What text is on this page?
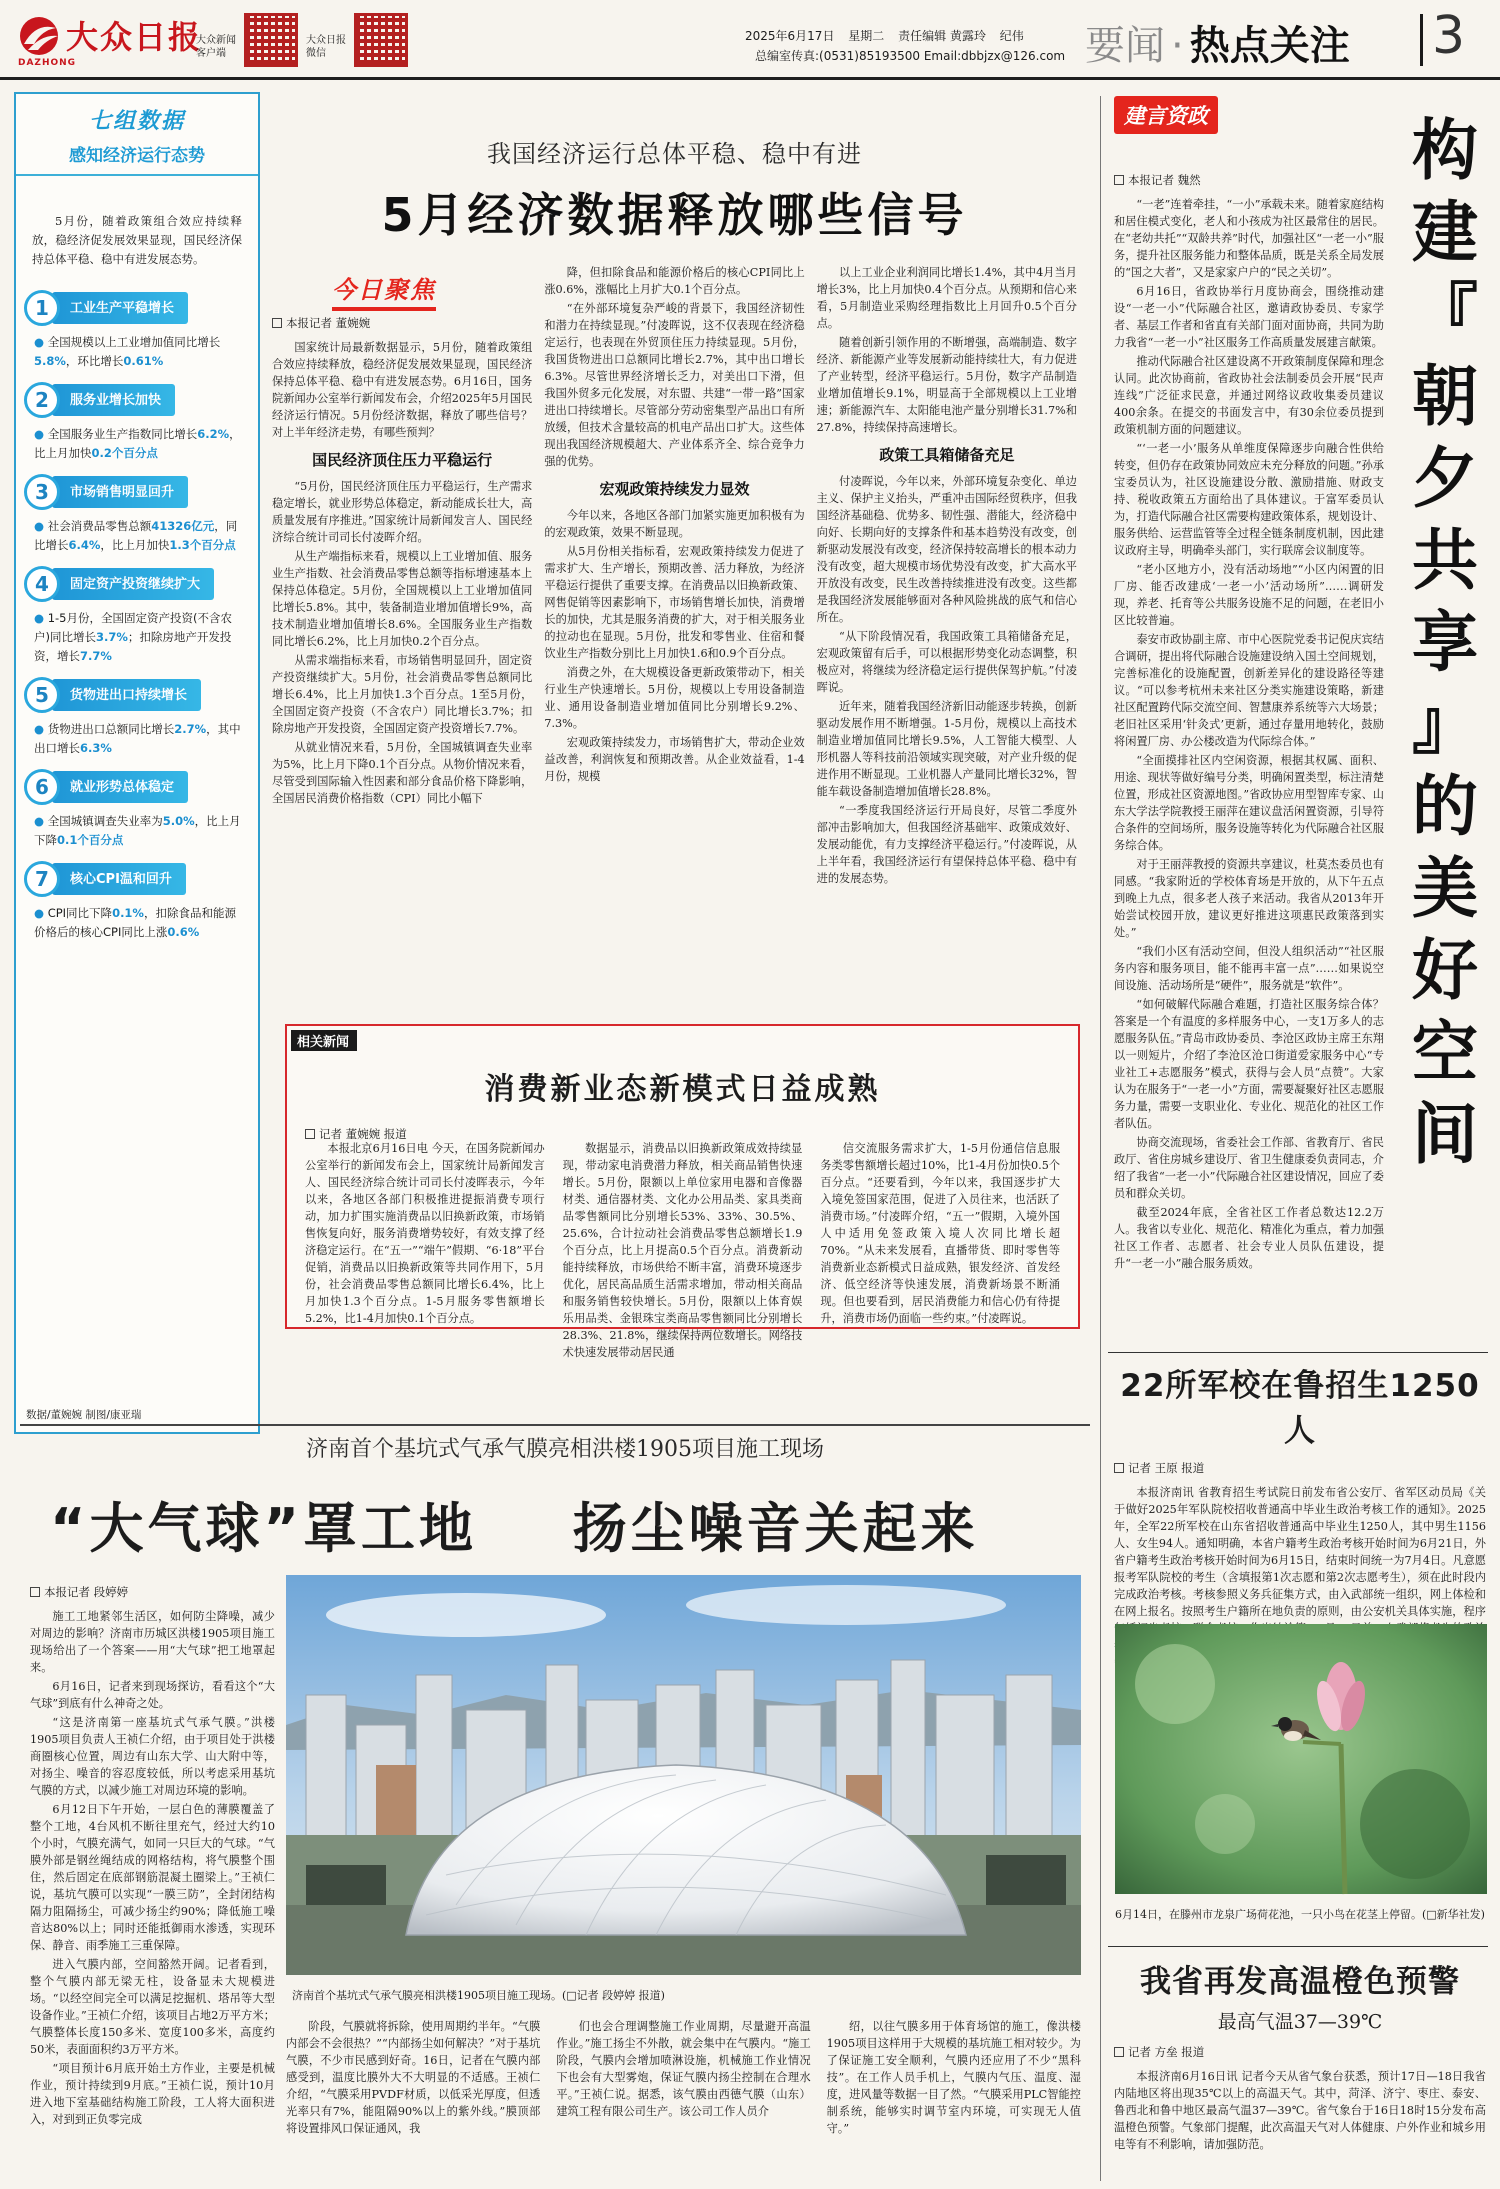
大众日报
DAZHONG
大众新闻客户端
大众日报微信
2025年6月17日 星期二 责任编辑 黄露玲 纪伟
总编室传真:(0531)85193500 Email:dbbjzx@126.com 要闻 · 热点关注 3
七组数据
感知经济运行态势
5月份，随着政策组合效应持续释放，稳经济促发展效果显现，国民经济保持总体平稳、稳中有进发展态势。
1	工业生产平稳增长
● 全国规模以上工业增加值同比增长5.8%，环比增长0.61%
2	服务业增长加快
● 全国服务业生产指数同比增长6.2%，比上月加快0.2个百分点
3	市场销售明显回升
● 社会消费品零售总额41326亿元，同比增长6.4%，比上月加快1.3个百分点
4	固定资产投资继续扩大
● 1-5月份，全国固定资产投资(不含农户)同比增长3.7%；扣除房地产开发投资，增长7.7%
5	货物进出口持续增长
● 货物进出口总额同比增长2.7%，其中出口增长6.3%
6	就业形势总体稳定
● 全国城镇调查失业率为5.0%，比上月下降0.1个百分点
7	核心CPI温和回升
● CPI同比下降0.1%，扣除食品和能源价格后的核心CPI同比上涨0.6%
数据/董婉婉 制图/康亚瑞
我国经济运行总体平稳、稳中有进
5月经济数据释放哪些信号
今日聚焦
本报记者 董婉婉

国家统计局最新数据显示，5月份，随着政策组合效应持续释放，稳经济促发展效果显现，国民经济保持总体平稳、稳中有进发展态势。6月16日，国务院新闻办公室举行新闻发布会，介绍2025年5月国民经济运行情况。5月份经济数据，释放了哪些信号？对上半年经济走势，有哪些预判？

国民经济顶住压力平稳运行

“5月份，国民经济顶住压力平稳运行，生产需求稳定增长，就业形势总体稳定，新动能成长壮大，高质量发展有序推进。”国家统计局新闻发言人、国民经济综合统计司司长付凌晖介绍。

从生产端指标来看，规模以上工业增加值、服务业生产指数、社会消费品零售总额等指标增速基本上保持总体稳定。5月份，全国规模以上工业增加值同比增长5.8%。其中，装备制造业增加值增长9%，高技术制造业增加值增长8.6%。全国服务业生产指数同比增长6.2%，比上月加快0.2个百分点。

从需求端指标来看，市场销售明显回升，固定资产投资继续扩大。5月份，社会消费品零售总额同比增长6.4%，比上月加快1.3个百分点。1至5月份，全国固定资产投资（不含农户）同比增长3.7%；扣除房地产开发投资，全国固定资产投资增长7.7%。

从就业情况来看，5月份，全国城镇调查失业率为5%，比上月下降0.1个百分点。从物价情况来看，尽管受到国际输入性因素和部分食品价格下降影响，全国居民消费价格指数（CPI）同比小幅下

降，但扣除食品和能源价格后的核心CPI同比上涨0.6%，涨幅比上月扩大0.1个百分点。

“在外部环境复杂严峻的背景下，我国经济韧性和潜力在持续显现。”付凌晖说，这不仅表现在经济稳定运行，也表现在外贸顶住压力持续显现。5月份，我国货物进出口总额同比增长2.7%，其中出口增长6.3%。尽管世界经济增长乏力，对美出口下滑，但我国外贸多元化发展，对东盟、共建“一带一路”国家进出口持续增长。尽管部分劳动密集型产品出口有所放缓，但技术含量较高的机电产品出口扩大。这些体现出我国经济规模超大、产业体系齐全、综合竞争力强的优势。

宏观政策持续发力显效

今年以来，各地区各部门加紧实施更加积极有为的宏观政策，效果不断显现。

从5月份相关指标看，宏观政策持续发力促进了需求扩大、生产增长，预期改善、活力释放，为经济平稳运行提供了重要支撑。在消费品以旧换新政策、网售促销等因素影响下，市场销售增长加快，消费增长的加快，尤其是服务消费的扩大，对于相关服务业的拉动也在显现。5月份，批发和零售业、住宿和餐饮业生产指数分别比上月加快1.6和0.9个百分点。

消费之外，在大规模设备更新政策带动下，相关行业生产快速增长。5月份，规模以上专用设备制造业、通用设备制造业增加值同比分别增长9.2%、7.3%。

宏观政策持续发力，市场销售扩大，带动企业效益改善，利润恢复和预期改善。从企业效益看，1-4月份，规模

以上工业企业利润同比增长1.4%，其中4月当月增长3%，比上月加快0.4个百分点。从预期和信心来看，5月制造业采购经理指数比上月回升0.5个百分点。

随着创新引领作用的不断增强，高端制造、数字经济、新能源产业等发展新动能持续壮大，有力促进了产业转型，经济平稳运行。5月份，数字产品制造业增加值增长9.1%，明显高于全部规模以上工业增速；新能源汽车、太阳能电池产量分别增长31.7%和27.8%，持续保持高速增长。

政策工具箱储备充足

付凌晖说，今年以来，外部环境复杂变化、单边主义、保护主义抬头，严重冲击国际经贸秩序，但我国经济基础稳、优势多、韧性强、潜能大，经济稳中向好、长期向好的支撑条件和基本趋势没有改变，创新驱动发展没有改变，经济保持较高增长的根本动力没有改变，超大规模市场优势没有改变，扩大高水平开放没有改变，民生改善持续推进没有改变。这些都是我国经济发展能够面对各种风险挑战的底气和信心所在。

“从下阶段情况看，我国政策工具箱储备充足，宏观政策留有后手，可以根据形势变化动态调整，积极应对，将继续为经济稳定运行提供保驾护航。”付凌晖说。

近年来，随着我国经济新旧动能逐步转换，创新驱动发展作用不断增强。1-5月份，规模以上高技术制造业增加值同比增长9.5%，人工智能大模型、人形机器人等科技前沿领域实现突破，对产业升级的促进作用不断显现。工业机器人产量同比增长32%，智能车载设备制造增加值增长28.8%。

“一季度我国经济运行开局良好，尽管二季度外部冲击影响加大，但我国经济基础牢、政策成效好、发展动能优，有力支撑经济平稳运行。”付凌晖说，从上半年看，我国经济运行有望保持总体平稳、稳中有进的发展态势。

相关新闻
消费新业态新模式日益成熟
记者 董婉婉 报道

本报北京6月16日电 今天，在国务院新闻办公室举行的新闻发布会上，国家统计局新闻发言人、国民经济综合统计司司长付凌晖表示，今年以来，各地区各部门积极推进提振消费专项行动，加力扩围实施消费品以旧换新政策，市场销售恢复向好，服务消费增势较好，有效支撑了经济稳定运行。在“五一”“端午”假期、“6·18”平台促销，消费品以旧换新政策等共同作用下，5月份，社会消费品零售总额同比增长6.4%，比上月加快1.3个百分点。1-5月服务零售额增长5.2%，比1-4月加快0.1个百分点。

数据显示，消费品以旧换新政策成效持续显现，带动家电消费潜力释放，相关商品销售快速增长。5月份，限额以上单位家用电器和音像器材类、通信器材类、文化办公用品类、家具类商品零售额同比分别增长53%、33%、30.5%、25.6%，合计拉动社会消费品零售总额增长1.9个百分点，比上月提高0.5个百分点。消费新动能持续释放，市场供给不断丰富，消费环境逐步优化，居民高品质生活需求增加，带动相关商品和服务销售较快增长。5月份，限额以上体育娱乐用品类、金银珠宝类商品零售额同比分别增长28.3%、21.8%，继续保持两位数增长。网络技术快速发展带动居民通

信交流服务需求扩大，1-5月份通信信息服务类零售额增长超过10%，比1-4月份加快0.5个百分点。“还要看到，今年以来，我国逐步扩大入境免签国家范围，促进了入员往来，也活跃了消费市场。”付凌晖介绍，“五一”假期，入境外国人中适用免签政策入境人次同比增长超70%。“从未来发展看，直播带货、即时零售等消费新业态新模式日益成熟，银发经济、首发经济、低空经济等快速发展，消费新场景不断涌现。但也要看到，居民消费能力和信心仍有待提升，消费市场仍面临一些约束。”付凌晖说。

建言资政
本报记者 魏然

“一老”连着牵挂，“一小”承载未来。随着家庭结构和居住模式变化，老人和小孩成为社区最常住的居民。在“老幼共托”“双龄共养”时代，加强社区“一老一小”服务，提升社区服务能力和整体品质，既是关系全局发展的“国之大者”，又是家家户户的“民之关切”。

6月16日，省政协举行月度协商会，围绕推动建设“一老一小”代际融合社区，邀请政协委员、专家学者、基层工作者和省直有关部门面对面协商，共同为助力我省“一老一小”社区服务工作高质量发展建言献策。

推动代际融合社区建设离不开政策制度保障和理念认同。此次协商前，省政协社会法制委员会开展“民声连线”广泛征求民意，并通过网络议政收集委员建议400余条。在提交的书面发言中，有30余位委员提到政策机制方面的问题建议。

“‘一老一小’服务从单维度保障逐步向融合性供给转变，但仍存在政策协同效应未充分释放的问题。”孙承宝委员认为，社区设施建设分散、激励措施、财政支持、税收政策五方面给出了具体建议。于富军委员认为，打造代际融合社区需要构建政策体系，规划设计、服务供给、运营监管等全过程全链条制度机制，因此建议政府主导，明确牵头部门，实行联席会议制度等。

“老小区地方小，没有活动场地”“小区内闲置的旧厂房、能否改建成‘一老一小’活动场所”……调研发现，养老、托育等公共服务设施不足的问题，在老旧小区比较普遍。

泰安市政协副主席、市中心医院党委书记倪庆宾结合调研，提出将代际融合设施建设纳入国土空间规划，完善标准化的设施配置，创新差异化的建设路径等建议。“可以参考杭州未来社区分类实施建设策略，新建社区配置跨代际交流空间、智慧康养系统等六大场景；老旧社区采用‘针灸式’更新，通过存量用地转化，鼓励将闲置厂房、办公楼改造为代际综合体。”

“全面摸排社区内空闲资源，根据其权属、面积、用途、现状等做好编号分类，明确闲置类型，标注清楚位置，形成社区资源地图。”省政协应用型智库专家、山东大学法学院教授王丽萍在建议盘活闲置资源，引导符合条件的空间场所，服务设施等转化为代际融合社区服务综合体。

对于王丽萍教授的资源共享建议，杜莫杰委员也有同感。“我家附近的学校体育场是开放的，从下午五点到晚上九点，很多老人孩子来活动。我省从2013年开始尝试校园开放，建议更好推进这项惠民政策落到实处。”

“我们小区有活动空间，但没人组织活动”“社区服务内容和服务项目，能不能再丰富一点”……如果说空间设施、活动场所是“硬件”，服务就是“软件”。

“如何破解代际融合难题，打造社区服务综合体？答案是一个有温度的多样服务中心，一支1万多人的志愿服务队伍。”青岛市政协委员、李沧区政协主席王东翔以一则短片，介绍了李沧区沧口街道爱家服务中心“专业社工+志愿服务”模式，获得与会人员“点赞”。大家认为在服务于“一老一小”方面，需要凝聚好社区志愿服务力量，需要一支职业化、专业化、规范化的社区工作者队伍。

协商交流现场，省委社会工作部、省教育厅、省民政厅、省住房城乡建设厅、省卫生健康委负责同志，介绍了我省“一老一小”代际融合社区建设情况，回应了委员和群众关切。

截至2024年底，全省社区工作者总数达12.2万人。我省以专业化、规范化、精准化为重点，着力加强社区工作者、志愿者、社会专业人员队伍建设，提升“一老一小”融合服务质效。

构
建
『
朝
夕
共
享
』
的
美
好
空
间
22所军校在鲁招生1250人
记者 王原 报道

本报济南讯 省教育招生考试院日前发布省公安厅、省军区动员局《关于做好2025年军队院校招收普通高中毕业生政治考核工作的通知》。2025年，全军22所军校在山东省招收普通高中毕业生1250人，其中男生1156人、女生94人。通知明确，本省户籍考生政治考核开始时间为6月21日，外省户籍考生政治考核开始时间为6月15日，结束时间统一为7月4日。凡意愿报考军队院校的考生（含填报第1次志愿和第2次志愿考生），须在此时段内完成政治考核。考核参照义务兵征集方式，由入武部统一组织，网上体检和在网上报名。按照考生户籍所在地负责的原则，由公安机关具体实施，程序

6月14日，在滕州市龙泉广场荷花池，一只小鸟在花茎上停留。(□新华社发)
我省再发高温橙色预警
最高气温37—39℃
记者 方垒 报道

本报济南6月16日讯 记者今天从省气象台获悉，预计17日—18日我省内陆地区将出现35℃以上的高温天气。其中，菏泽、济宁、枣庄、泰安、鲁西北和鲁中地区最高气温37—39℃。省气象台于16日18时15分发布高温橙色预警。气象部门提醒，此次高温天气对人体健康、户外作业和城乡用电等有不利影响，请加强防范。

济南首个基坑式气承气膜亮相洪楼1905项目施工现场
“大气球”罩工地 扬尘噪音关起来
本报记者 段婷婷

施工工地紧邻生活区，如何防尘降噪，减少对周边的影响？济南市历城区洪楼1905项目施工现场给出了一个答案——用“大气球”把工地罩起来。

6月16日，记者来到现场探访，看看这个“大气球”到底有什么神奇之处。

“这是济南第一座基坑式气承气膜。”洪楼1905项目负责人王祯仁介绍，由于项目处于洪楼商圈核心位置，周边有山东大学、山大附中等，对扬尘、噪音的容忍度较低，所以考虑采用基坑气膜的方式，以减少施工对周边环境的影响。

6月12日下午开始，一层白色的薄膜覆盖了整个工地，4台风机不断往里充气，经过大约10个小时，气膜充满气，如同一只巨大的气球。“气膜外部是钢丝绳结成的网格结构，将气膜整个围住，然后固定在底部钢筋混凝土圈梁上。”王祯仁说，基坑气膜可以实现“一膜三防”，全封闭结构隔力阻隔扬尘，可减少扬尘约90%；降低施工噪音达80%以上；同时还能抵御雨水渗透，实现环保、静音、雨季施工三重保障。

进入气膜内部，空间豁然开阔。记者看到，整个气膜内部无梁无柱，设备显未大规模进场。“以经空间完全可以满足挖掘机、塔吊等大型设备作业。”王祯仁介绍，该项目占地2万平方米；气膜整体长度150多米、宽度100多米，高度约50米，表面面积约3万平方米。

“项目预计6月底开始土方作业，主要是机械作业，预计持续到9月底。”王祯仁说，预计10月进入地下室基础结构施工阶段，工人将大面积进入，对到到正负零完成

济南首个基坑式气承气膜亮相洪楼1905项目施工现场。(□记者 段婷婷 报道)

阶段，气膜就将拆除，使用周期约半年。“气膜内部会不会很热？”“内部扬尘如何解决？”对于基坑气膜，不少市民感到好奇。16日，记者在气膜内部感受到，温度比膜外大不大明显的不适感。王祯仁介绍，“气膜采用PVDF材质，以低采光厚度，但透光率只有7%，能阻隔90%以上的紫外线。”膜顶部将设置排风口保证通风，我

们也会合理调整施工作业周期，尽量避开高温作业。”施工扬尘不外散，就会集中在气膜内。“施工阶段，气膜内会增加喷淋设施，机械施工作业情况下也会有大型雾炮，保证气膜内扬尘控制在合理水平。”王祯仁说。据悉，该气膜由西德气膜（山东）建筑工程有限公司生产。该公司工作人员介

绍，以往气膜多用于体育场馆的施工，像洪楼1905项目这样用于大规模的基坑施工相对较少。为了保证施工安全顺利，气膜内还应用了不少“黑科技”。在工作人员手机上，气膜内气压、温度、湿度，进风量等数据一目了然。“气膜采用PLC智能控制系统，能够实时调节室内环境，可实现无人值守。”
